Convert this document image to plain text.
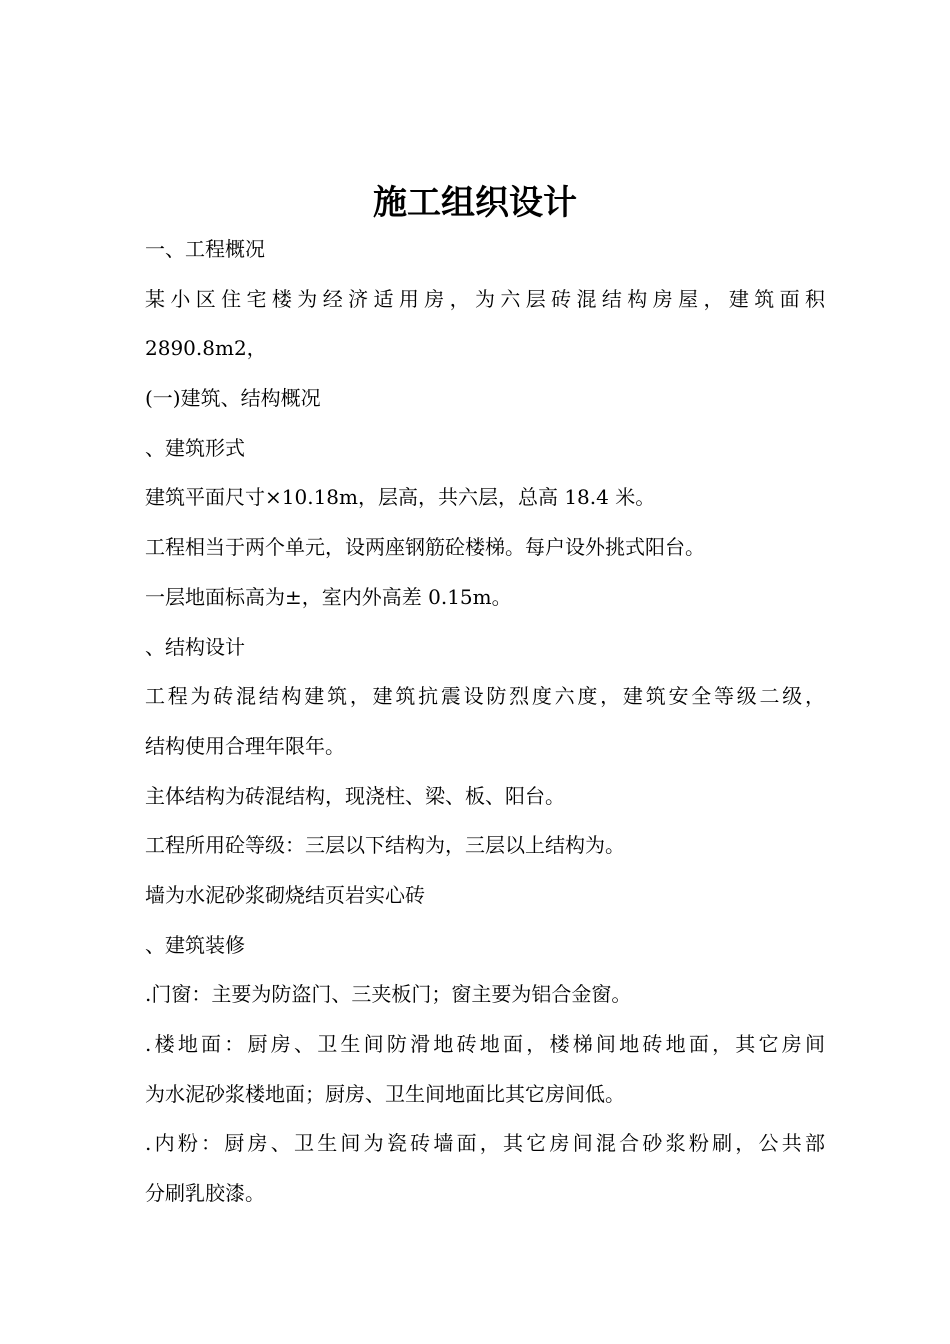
施工组织设计

一、工程概况

某小区住宅楼为经济适用房，为六层砖混结构房屋，建筑面积

2890.8m2，

(一)建筑、结构概况

、建筑形式

建筑平面尺寸×10.18m，层高，共六层，总高 18.4 米。

工程相当于两个单元，设两座钢筋砼楼梯。每户设外挑式阳台。

一层地面标高为±，室内外高差 0.15m。

、结构设计

工程为砖混结构建筑，建筑抗震设防烈度六度，建筑安全等级二级，

结构使用合理年限年。

主体结构为砖混结构，现浇柱、梁、板、阳台。

工程所用砼等级：三层以下结构为，三层以上结构为。

墙为水泥砂浆砌烧结页岩实心砖

、建筑装修

.门窗：主要为防盗门、三夹板门；窗主要为铝合金窗。

.楼地面：厨房、卫生间防滑地砖地面，楼梯间地砖地面，其它房间

为水泥砂浆楼地面；厨房、卫生间地面比其它房间低。

.内粉：厨房、卫生间为瓷砖墙面，其它房间混合砂浆粉刷，公共部

分刷乳胶漆。
